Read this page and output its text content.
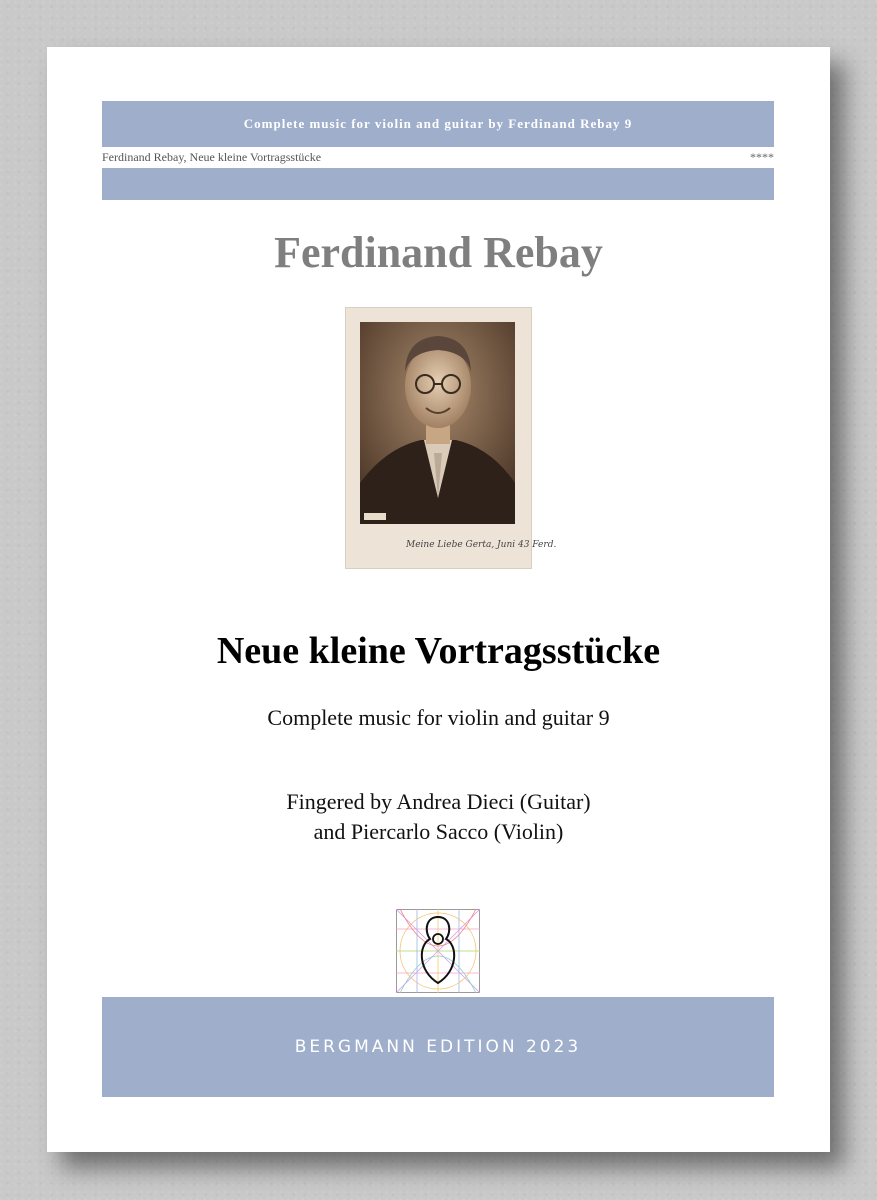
Complete music for violin and guitar by Ferdinand Rebay 9
Ferdinand Rebay, Neue kleine Vortragsstücke	****
Ferdinand Rebay
Meine Liebe Gerta, Juni 43 Ferd.
Neue kleine Vortragsstücke
Complete music for violin and guitar 9
Fingered by Andrea Dieci (Guitar)
and Piercarlo Sacco (Violin)
BERGMANN EDITION 2023
